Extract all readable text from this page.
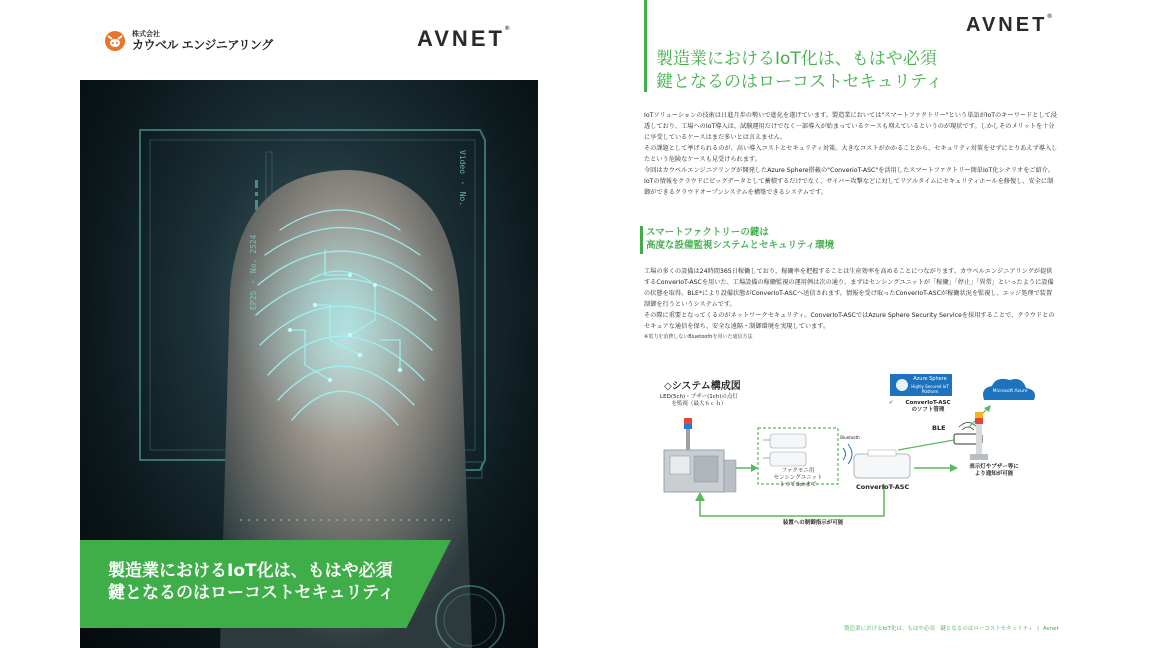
株式会社
カウベル エンジニアリング	AVNET®
EP25 ・ No. 2524
Video ・ No.
製造業におけるIoT化は、もはや必須
鍵となるのはローコストセキュリティ
AVNET®
製造業におけるIoT化は、もはや必須
鍵となるのはローコストセキュリティ

IoTソリューションの技術は日進月歩の勢いで進化を遂げています。製造業においては"スマートファクトリー"という単語がIoTのキーワードとして浸透しており、工場へのIoT導入は、試験運用だけでなく一部導入が始まっているケースも増えているというのが現状です。しかしそのメリットを十分に享受しているケースはまだ多いとは言えません。

その課題として挙げられるのが、高い導入コストとセキュリティ対策。大きなコストがかかることから、セキュリティ対策をせずにとりあえず導入したという危険なケースも見受けられます。

今回はカウベルエンジニアリングが開発したAzure Sphere搭載の"ConverioT-ASC"を活用したスマートファクトリー簡単IoT化シナリオをご紹介。IoTの情報をクラウドにビッグデータとして蓄積するだけでなく、サイバー攻撃などに対してリアルタイムにセキュリティホールを修復し、安全に制御ができるクラウドオープンシステムを構築できるシステムです。

スマートファクトリーの鍵は
高度な設備監視システムとセキュリティ環境

工場の多くの設備は24時間365日稼働しており、稼働率を把握することは生産効率を高めることにつながります。カウベルエンジニアリングが提供するConverIoT-ASCを用いた、工場設備の稼働監視の運用例は次の通り。まずはセンシングユニットが「稼働」「停止」「異常」といったように設備の状態を取得。BLE*により設備状態がConverIoT-ASCへ送信されます。情報を受け取ったConverIoT-ASCが稼働状況を監視し、エッジ処理で装置制御を行うというシステムです。

その際に重要となってくるのがネットワークセキュリティ。ConverIoT-ASCではAzure Sphere Security Serviceを採用することで、クラウドとのセキュアな通信を保ち、安全な遠隔・制御環境を実現しています。

※電力を消費しないBluetoothを用いた通信方法

◇システム構成図
LED(5ch)・ブザー(1ch)の点灯を監視（最大６ｃｈ）
Azure Sphere
Highly Secured IoT Platform
✓	ConverIoT-ASC
のソフト管理
Microsoft Azure
BLE
Bluetooth
ファクモニ用
センシングユニット
１つで3chまで	ConverIoT-ASC
表示灯やブザー等に
より通知が可能
装置への制御指示が可能
製造業におけるIoT化は、もはや必須　鍵となるのはローコストセキュリティ | Avnet
